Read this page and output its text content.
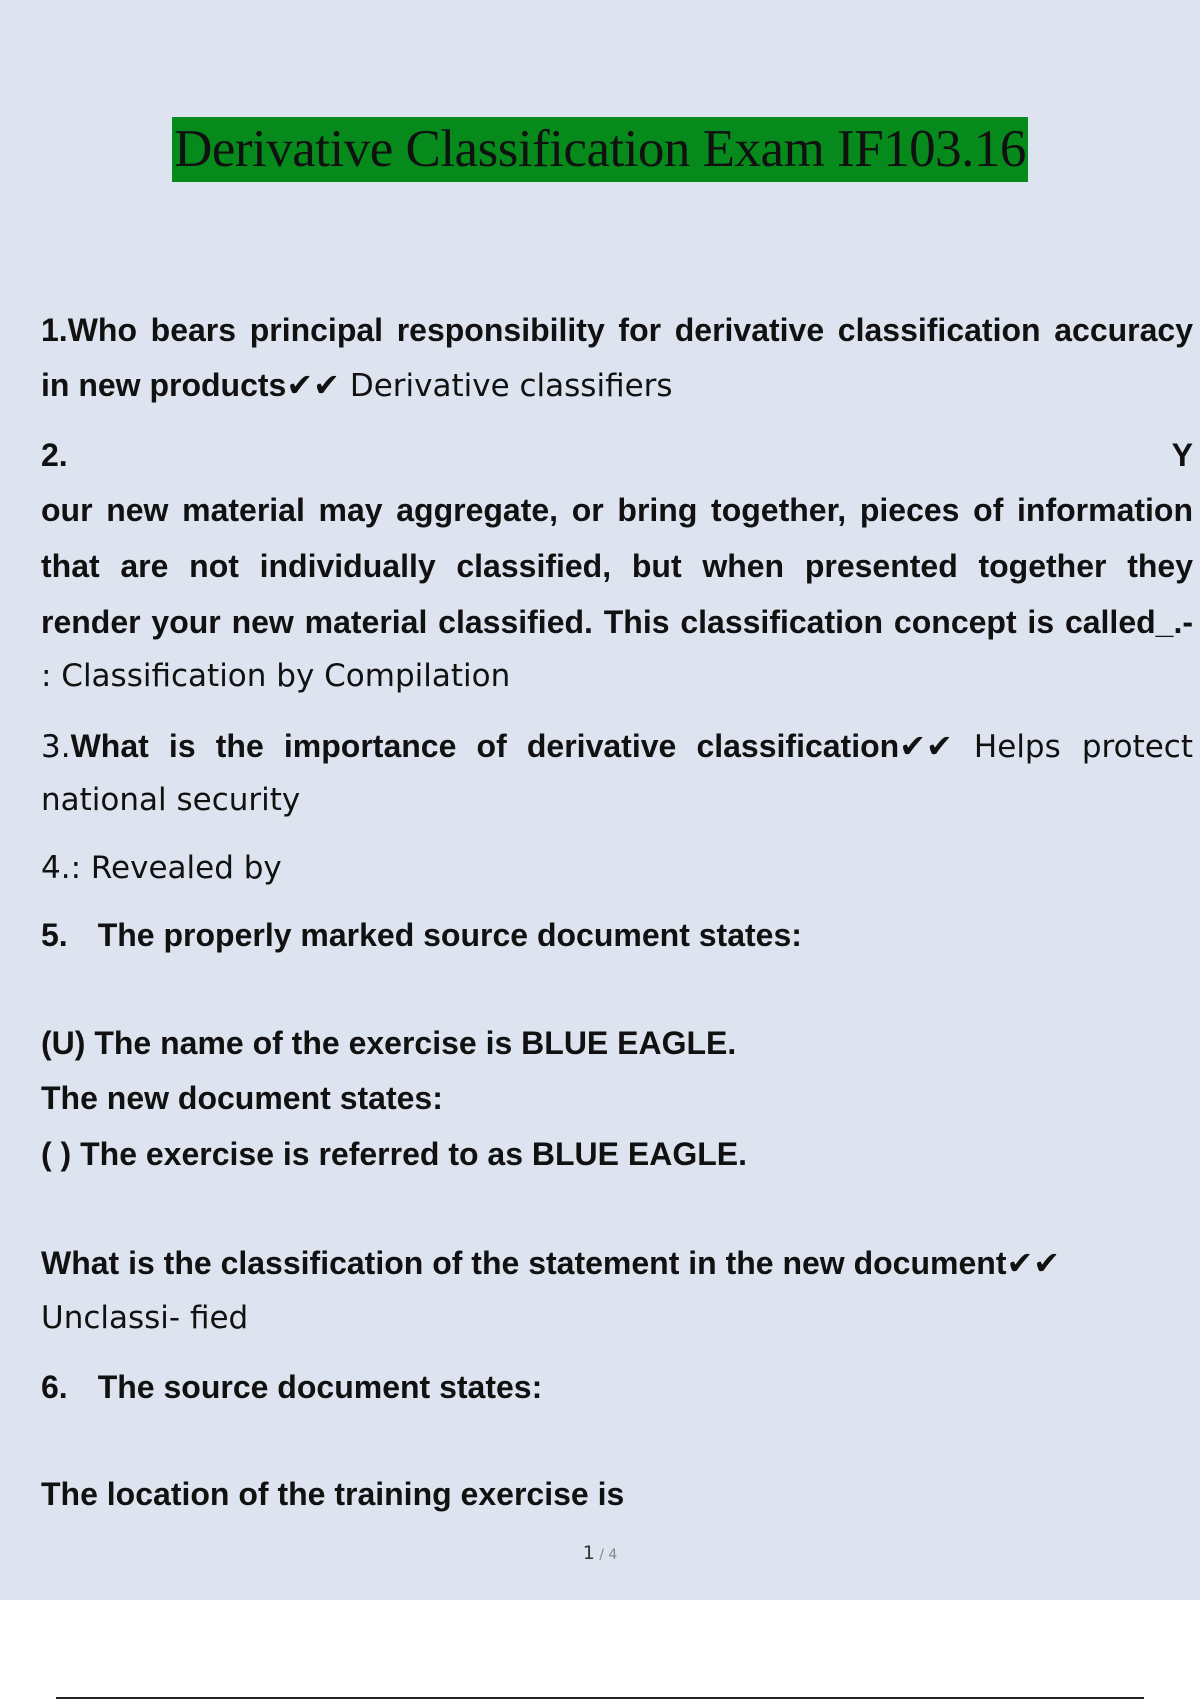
Derivative Classification Exam IF103.16
1.Who bears principal responsibility for derivative classification accuracy
in new products✔✔ Derivative classifiers
2.	Y
our new material may aggregate, or bring together, pieces of information
that are not individually classified, but when presented together they
render your new material classified. This classification concept is called_.-
: Classification by Compilation
3.What is the importance of derivative classification✔✔ Helps protect
national security
4.: Revealed by
5. The properly marked source document states:
(U) The name of the exercise is BLUE EAGLE.
The new document states:
( ) The exercise is referred to as BLUE EAGLE.
What is the classification of the statement in the new document✔✔
Unclassi- fied
6. The source document states:
The location of the training exercise is
1 / 4
